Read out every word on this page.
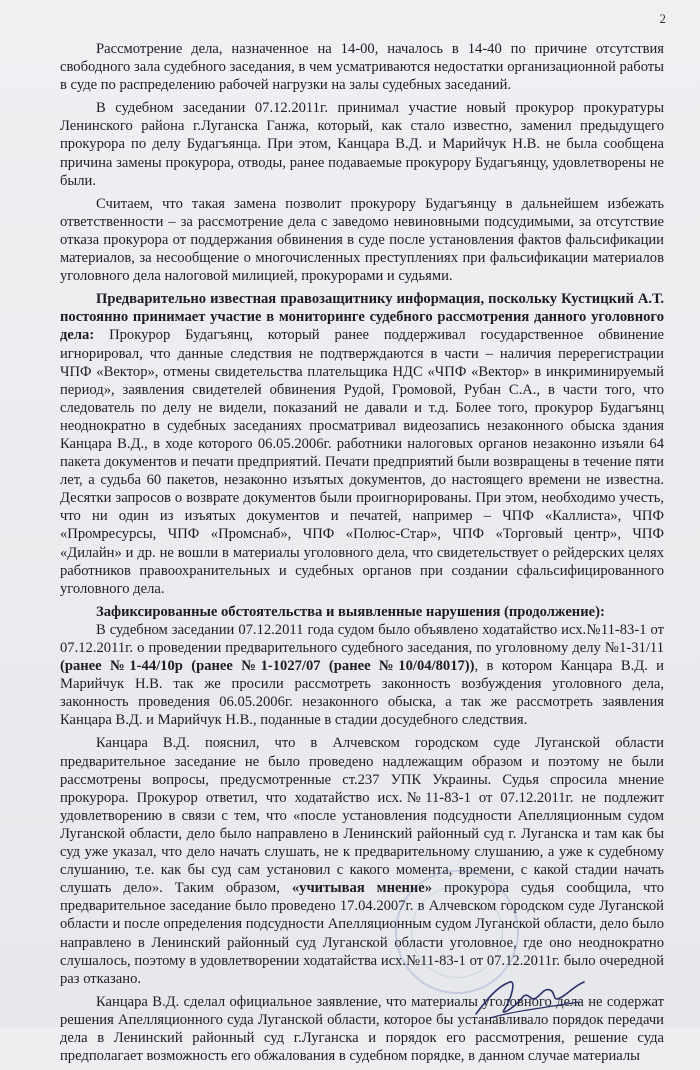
2

Рассмотрение дела, назначенное на 14-00, началось в 14-40 по причине отсутствия свободного зала судебного заседания, в чем усматриваются недостатки организационной работы в суде по распределению рабочей нагрузки на залы судебных заседаний.

В судебном заседании 07.12.2011г. принимал участие новый прокурор прокуратуры Ленинского района г.Луганска Ганжа, который, как стало известно, заменил предыдущего прокурора по делу Будагъянца. При этом, Канцара В.Д. и Марийчук Н.В. не была сообщена причина замены прокурора, отводы, ранее подаваемые прокурору Будагъянцу, удовлетворены не были.

Считаем, что такая замена позволит прокурору Будагъянцу в дальнейшем избежать ответственности – за рассмотрение дела с заведомо невиновными подсудимыми, за отсутствие отказа прокурора от поддержания обвинения в суде после установления фактов фальсификации материалов, за несообщение о многочисленных преступлениях при фальсификации материалов уголовного дела налоговой милицией, прокурорами и судьями.

Предварительно известная правозащитнику информация, поскольку Кустицкий А.Т. постоянно принимает участие в мониторинге судебного рассмотрения данного уголовного дела: Прокурор Будагъянц, который ранее поддерживал государственное обвинение игнорировал, что данные следствия не подтверждаются в части – наличия перерегистрации ЧПФ «Вектор», отмены свидетельства плательщика НДС «ЧПФ «Вектор» в инкриминируемый период», заявления свидетелей обвинения Рудой, Громовой, Рубан С.А., в части того, что следователь по делу не видели, показаний не давали и т.д. Более того, прокурор Будагъянц неоднократно в судебных заседаниях просматривал видеозапись незаконного обыска здания Канцара В.Д., в ходе которого 06.05.2006г. работники налоговых органов незаконно изъяли 64 пакета документов и печати предприятий. Печати предприятий были возвращены в течение пяти лет, а судьба 60 пакетов, незаконно изъятых документов, до настоящего времени не известна. Десятки запросов о возврате документов были проигнорированы. При этом, необходимо учесть, что ни один из изъятых документов и печатей, например – ЧПФ «Каллиста», ЧПФ «Промресурсы, ЧПФ «Промснаб», ЧПФ «Полюс-Стар», ЧПФ «Торговый центр», ЧПФ «Дилайн» и др. не вошли в материалы уголовного дела, что свидетельствует о рейдерских целях работников правоохранительных и судебных органов при создании сфальсифицированного уголовного дела.

Зафиксированные обстоятельства и выявленные нарушения (продолжение):

В судебном заседании 07.12.2011 года судом было объявлено ходатайство исх.№11-83-1 от 07.12.2011г. о проведении предварительного судебного заседания, по уголовному делу №1-31/11 (ранее №1-44/10р (ранее №1-1027/07 (ранее №10/04/8017)), в котором Канцара В.Д. и Марийчук Н.В. так же просили рассмотреть законность возбуждения уголовного дела, законность проведения 06.05.2006г. незаконного обыска, а так же рассмотреть заявления Канцара В.Д. и Марийчук Н.В., поданные в стадии досудебного следствия.

Канцара В.Д. пояснил, что в Алчевском городском суде Луганской области предварительное заседание не было проведено надлежащим образом и поэтому не были рассмотрены вопросы, предусмотренные ст.237 УПК Украины. Судья спросила мнение прокурора. Прокурор ответил, что ходатайство исх.№11-83-1 от 07.12.2011г. не подлежит удовлетворению в связи с тем, что «после установления подсудности Апелляционным судом Луганской области, дело было направлено в Ленинский районный суд г. Луганска и там как бы суд уже указал, что дело начать слушать, не к предварительному слушанию, а уже к судебному слушанию, т.е. как бы суд сам установил с какого момента, времени, с какой стадии начать слушать дело». Таким образом, «учитывая мнение» прокурора судья сообщила, что предварительное заседание было проведено 17.04.2007г. в Алчевском городском суде Луганской области и после определения подсудности Апелляционным судом Луганской области, дело было направлено в Ленинский районный суд Луганской области уголовное, где оно неоднократно слушалось, поэтому в удовлетворении ходатайства исх.№11-83-1 от 07.12.2011г. было очередной раз отказано.

Канцара В.Д. сделал официальное заявление, что материалы уголовного дела не содержат решения Апелляционного суда Луганской области, которое бы устанавливало порядок передачи дела в Ленинский районный суд г.Луганска и порядок его рассмотрения, решение суда предполагает возможность его обжалования в судебном порядке, в данном случае материалы
